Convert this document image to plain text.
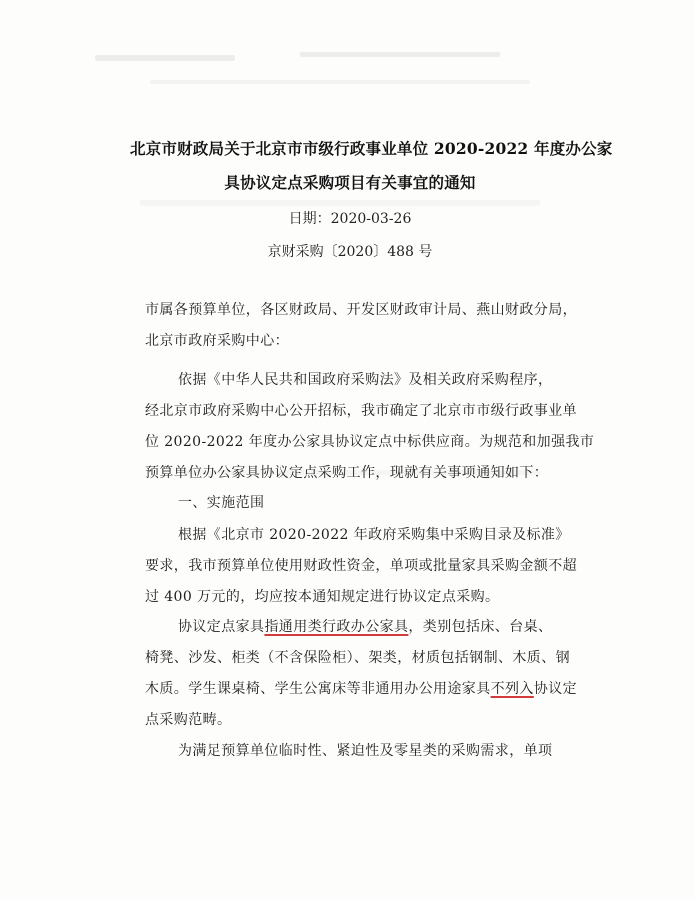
北京市财政局关于北京市市级行政事业单位 2020-2022 年度办公家
具协议定点采购项目有关事宜的通知
日期：2020-03-26
京财采购〔2020〕488 号
市属各预算单位，各区财政局、开发区财政审计局、燕山财政分局，
北京市政府采购中心：
依据《中华人民共和国政府采购法》及相关政府采购程序，
经北京市政府采购中心公开招标，我市确定了北京市市级行政事业单
位 2020-2022 年度办公家具协议定点中标供应商。为规范和加强我市
预算单位办公家具协议定点采购工作，现就有关事项通知如下：
一、实施范围
根据《北京市 2020-2022 年政府采购集中采购目录及标准》
要求，我市预算单位使用财政性资金，单项或批量家具采购金额不超
过 400 万元的，均应按本通知规定进行协议定点采购。
协议定点家具指通用类行政办公家具，类别包括床、台桌、
椅凳、沙发、柜类（不含保险柜）、架类，材质包括钢制、木质、钢
木质。学生课桌椅、学生公寓床等非通用办公用途家具不列入协议定
点采购范畴。
为满足预算单位临时性、紧迫性及零星类的采购需求，单项
